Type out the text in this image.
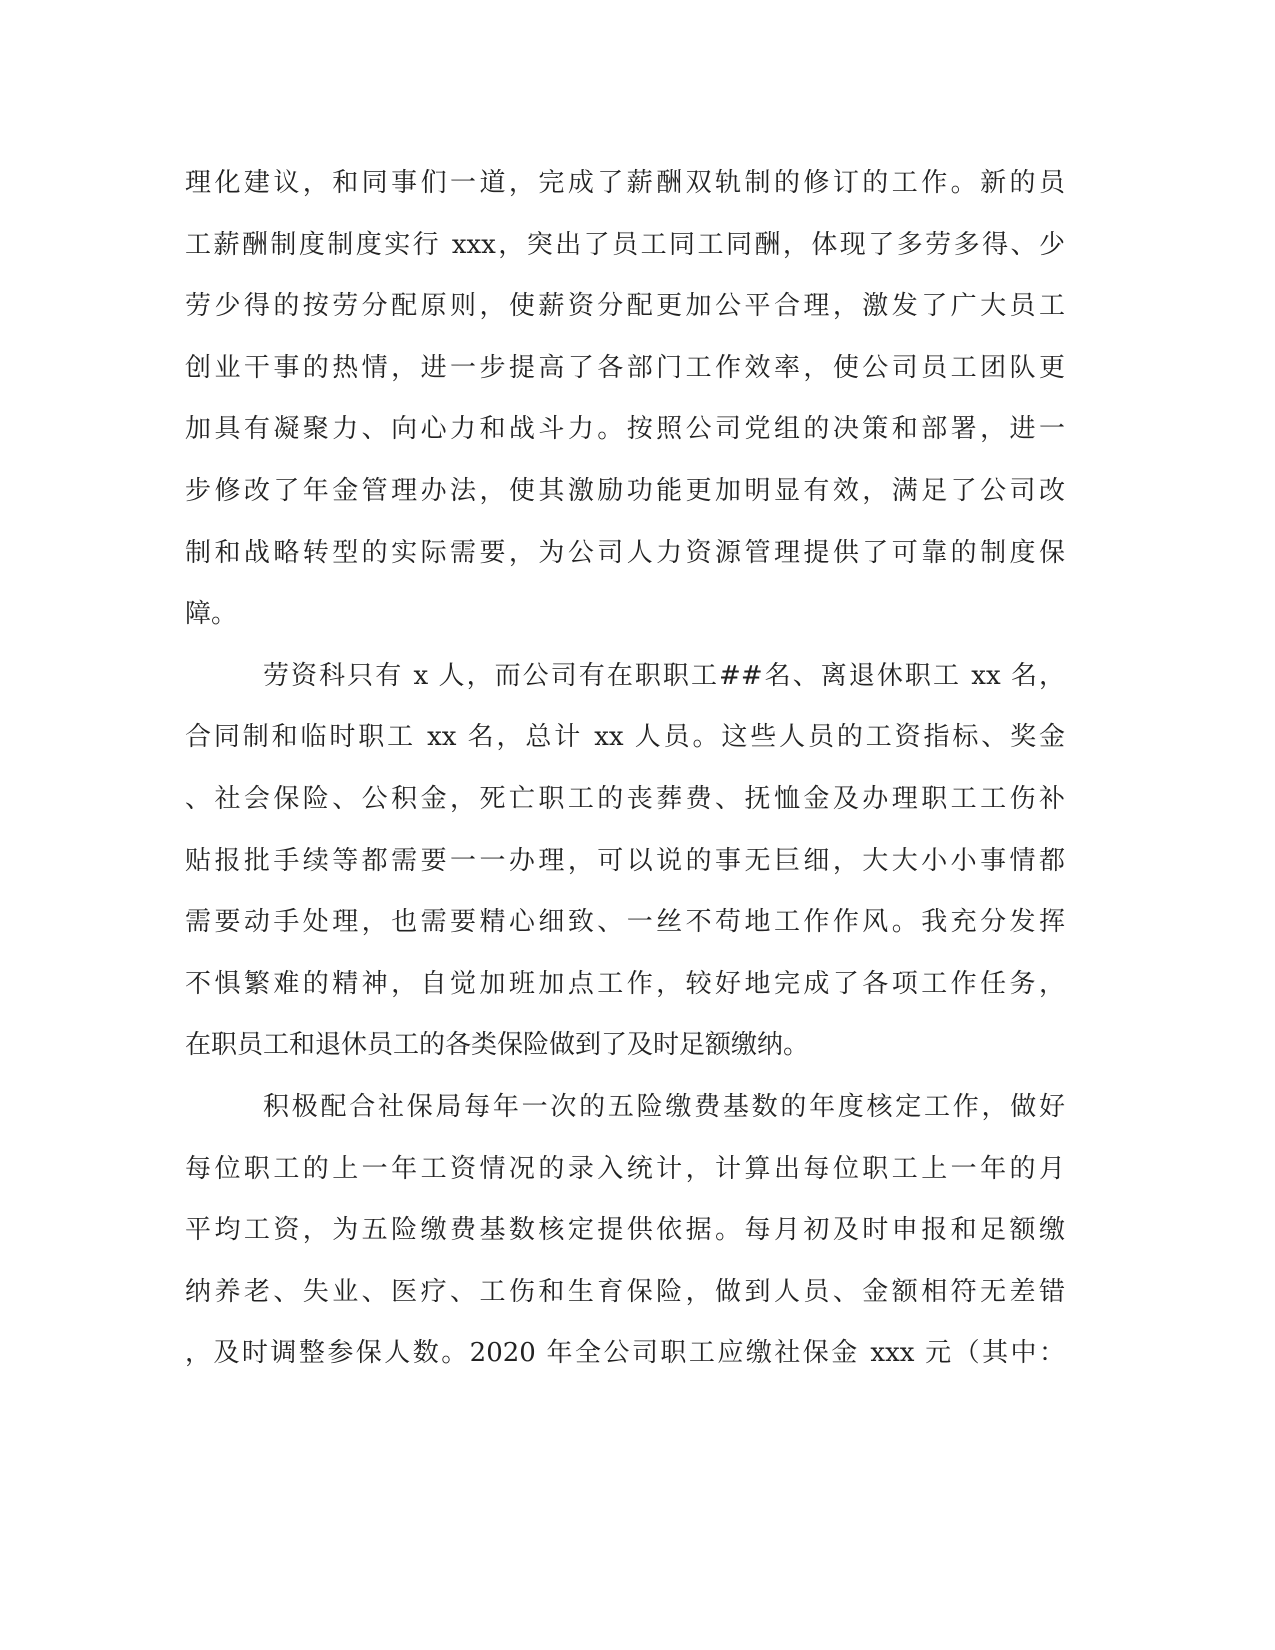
理化建议，和同事们一道，完成了薪酬双轨制的修订的工作。新的员
工薪酬制度制度实行 xxx，突出了员工同工同酬，体现了多劳多得、少
劳少得的按劳分配原则，使薪资分配更加公平合理，激发了广大员工
创业干事的热情，进一步提高了各部门工作效率，使公司员工团队更
加具有凝聚力、向心力和战斗力。按照公司党组的决策和部署，进一
步修改了年金管理办法，使其激励功能更加明显有效，满足了公司改
制和战略转型的实际需要，为公司人力资源管理提供了可靠的制度保
障。
劳资科只有 x 人，而公司有在职职工##名、离退休职工 xx 名，
合同制和临时职工 xx 名，总计 xx 人员。这些人员的工资指标、奖金
、社会保险、公积金，死亡职工的丧葬费、抚恤金及办理职工工伤补
贴报批手续等都需要一一办理，可以说的事无巨细，大大小小事情都
需要动手处理，也需要精心细致、一丝不苟地工作作风。我充分发挥
不惧繁难的精神，自觉加班加点工作，较好地完成了各项工作任务，
在职员工和退休员工的各类保险做到了及时足额缴纳。
积极配合社保局每年一次的五险缴费基数的年度核定工作，做好
每位职工的上一年工资情况的录入统计，计算出每位职工上一年的月
平均工资，为五险缴费基数核定提供依据。每月初及时申报和足额缴
纳养老、失业、医疗、工伤和生育保险，做到人员、金额相符无差错
，及时调整参保人数。2020 年全公司职工应缴社保金 xxx 元（其中：
